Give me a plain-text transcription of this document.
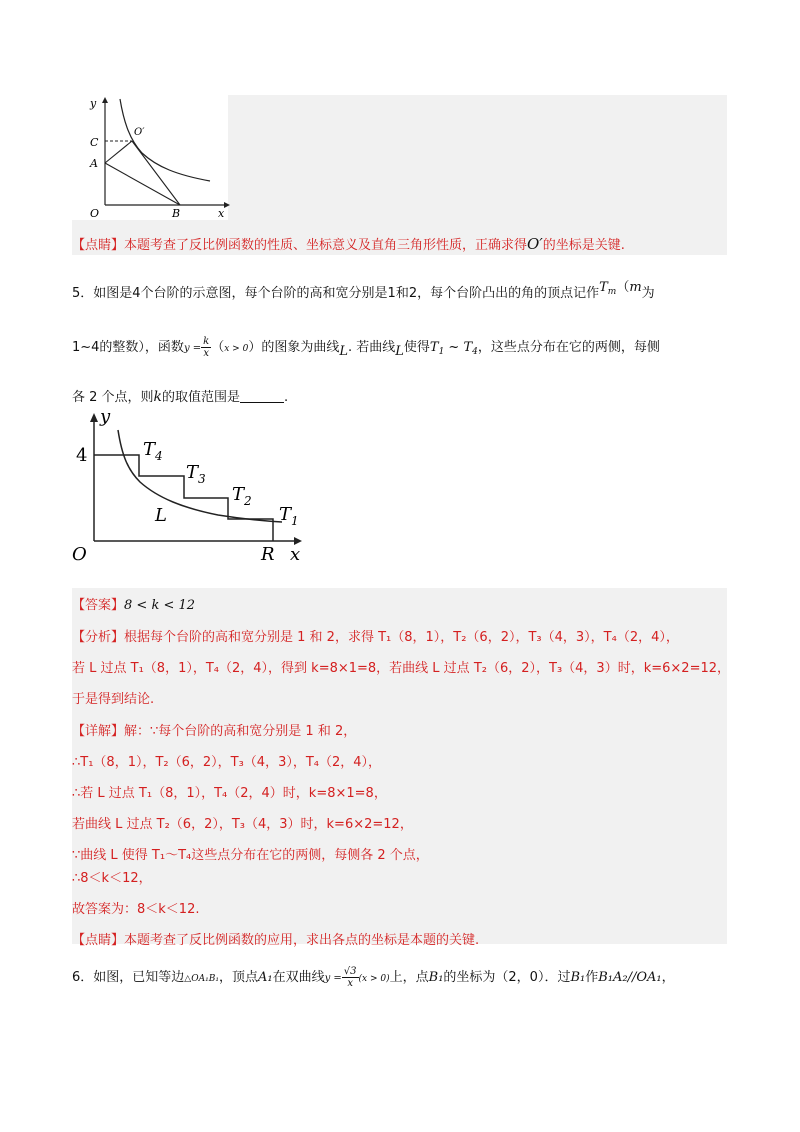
y
x
O
C
A
B
O′
【点睛】本题考查了反比例函数的性质、坐标意义及直角三角形性质，正确求得O′的坐标是关键.
5．如图是4个台阶的示意图，每个台阶的高和宽分别是1和2，每个台阶凸出的角的顶点记作$T_m(m$为
1~4的整数），函数$y = \frac{k}{x} (x > 0)$的图象为曲线L. 若曲线L使得$T_1$ ~ $T_4$，这些点分布在它的两侧，每侧
各 2 个点，则k的取值范围是	.
y
x
O
4
L
R
$T_4$
$T_3$
$T_2$
$T_1$
【答案】8 < k < 12
【分析】根据每个台阶的高和宽分别是 1 和 2，求得 T₁（8，1），T₂（6，2），T₃（4，3），T₄（2，4），
若 L 过点 T₁（8，1），T₄（2，4），得到 k=8×1=8，若曲线 L 过点 T₂（6，2），T₃（4，3）时，k=6×2=12，
于是得到结论.
【详解】解：∵每个台阶的高和宽分别是 1 和 2，
∴T₁（8，1），T₂（6，2），T₃（4，3），T₄（2，4），
∴若 L 过点 T₁（8，1），T₄（2，4）时，k=8×1=8，
若曲线 L 过点 T₂（6，2），T₃（4，3）时，k=6×2=12，
∵曲线 L 使得 T₁～T₄这些点分布在它的两侧，每侧各 2 个点，
∴8＜k＜12，
故答案为：8＜k＜12.
【点睛】本题考查了反比例函数的应用，求出各点的坐标是本题的关键.
6．如图，已知等边△OA₁B₁，顶点A₁在双曲线$y = \frac{√3}{x} (x > 0)$上，点B₁的坐标为（2，0）．过B₁作B₁A₂//OA₁，
